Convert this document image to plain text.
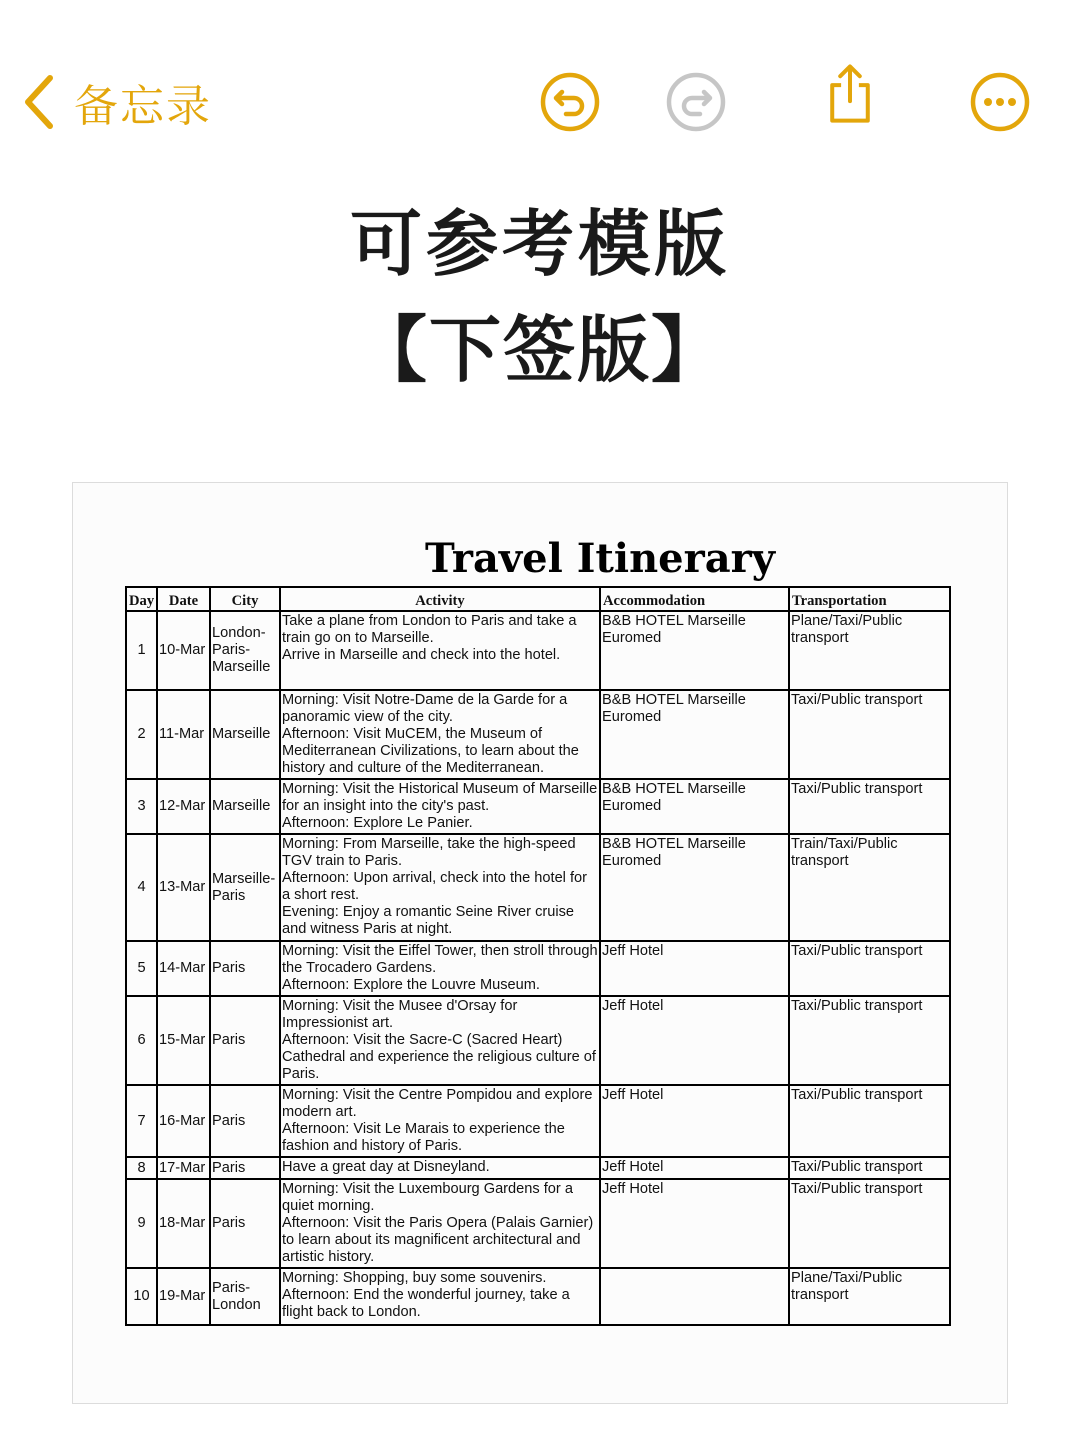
备忘录
可参考模版
【下签版】
Travel Itinerary
Day	Date	City	Activity	Accommodation	Transportation
1	10-Mar	London-
Paris-
Marseille	Take a plane from London to Paris and take a train go on to Marseille.
Arrive in Marseille and check into the hotel.	B&B HOTEL Marseille Euromed	Plane/Taxi/Public transport
2	11-Mar	Marseille	Morning: Visit Notre-Dame de la Garde for a panoramic view of the city.
Afternoon: Visit MuCEM, the Museum of Mediterranean Civilizations, to learn about the history and culture of the Mediterranean.	B&B HOTEL Marseille Euromed	Taxi/Public transport
3	12-Mar	Marseille	Morning: Visit the Historical Museum of Marseille for an insight into the city's past.
Afternoon: Explore Le Panier.	B&B HOTEL Marseille Euromed	Taxi/Public transport
4	13-Mar	Marseille-
Paris	Morning: From Marseille, take the high-speed TGV train to Paris.
Afternoon: Upon arrival, check into the hotel for a short rest.
Evening: Enjoy a romantic Seine River cruise and witness Paris at night.	B&B HOTEL Marseille Euromed	Train/Taxi/Public transport
5	14-Mar	Paris	Morning: Visit the Eiffel Tower, then stroll through the Trocadero Gardens.
Afternoon: Explore the Louvre Museum.	Jeff Hotel	Taxi/Public transport
6	15-Mar	Paris	Morning: Visit the Musee d'Orsay for Impressionist art.
Afternoon: Visit the Sacre-C (Sacred Heart) Cathedral and experience the religious culture of Paris.	Jeff Hotel	Taxi/Public transport
7	16-Mar	Paris	Morning: Visit the Centre Pompidou and explore modern art.
Afternoon: Visit Le Marais to experience the fashion and history of Paris.	Jeff Hotel	Taxi/Public transport
8	17-Mar	Paris	Have a great day at Disneyland.	Jeff Hotel	Taxi/Public transport
9	18-Mar	Paris	Morning: Visit the Luxembourg Gardens for a quiet morning.
Afternoon: Visit the Paris Opera (Palais Garnier) to learn about its magnificent architectural and artistic history.	Jeff Hotel	Taxi/Public transport
10	19-Mar	Paris-
London	Morning: Shopping, buy some souvenirs.
Afternoon: End the wonderful journey, take a flight back to London.		Plane/Taxi/Public transport
